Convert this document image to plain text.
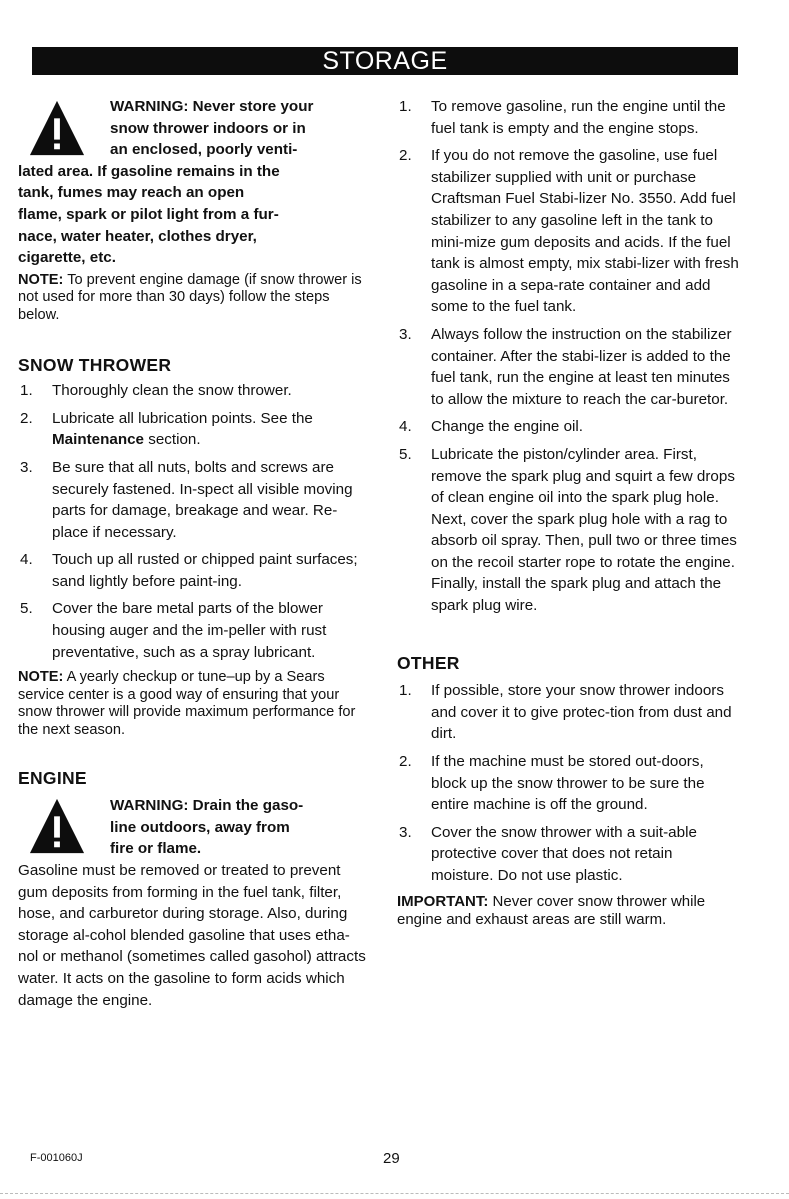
STORAGE

WARNING: Never store your

snow thrower indoors or in

an enclosed, poorly venti-

lated area. If gasoline remains in the

tank, fumes may reach an open

flame, spark or pilot light from a fur-

nace, water heater, clothes dryer,

cigarette, etc.

NOTE: To prevent engine damage (if snow thrower is not used for more than 30 days) follow the steps below.

SNOW THROWER
1. Thoroughly clean the snow thrower.
2. Lubricate all lubrication points. See the Maintenance section.
3. Be sure that all nuts, bolts and screws are securely fastened. In-spect all visible moving parts for damage, breakage and wear. Re-place if necessary.
4. Touch up all rusted or chipped paint surfaces; sand lightly before paint-ing.
5. Cover the bare metal parts of the blower housing auger and the im-peller with rust preventative, such as a spray lubricant.

NOTE: A yearly checkup or tune–up by a Sears service center is a good way of ensuring that your snow thrower will provide maximum performance for the next season.

ENGINE

WARNING: Drain the gaso-

line outdoors, away from

fire or flame.

Gasoline must be removed or treated to prevent gum deposits from forming in the fuel tank, filter, hose, and carburetor during storage. Also, during storage al-cohol blended gasoline that uses etha-nol or methanol (sometimes called gasohol) attracts water. It acts on the gasoline to form acids which damage the engine.

1. To remove gasoline, run the engine until the fuel tank is empty and the engine stops.
2. If you do not remove the gasoline, use fuel stabilizer supplied with unit or purchase Craftsman Fuel Stabi-lizer No. 3550. Add fuel stabilizer to any gasoline left in the tank to mini-mize gum deposits and acids. If the fuel tank is almost empty, mix stabi-lizer with fresh gasoline in a sepa-rate container and add some to the fuel tank.
3. Always follow the instruction on the stabilizer container. After the stabi-lizer is added to the fuel tank, run the engine at least ten minutes to allow the mixture to reach the car-buretor.
4. Change the engine oil.
5. Lubricate the piston/cylinder area. First, remove the spark plug and squirt a few drops of clean engine oil into the spark plug hole. Next, cover the spark plug hole with a rag to absorb oil spray. Then, pull two or three times on the recoil starter rope to rotate the engine. Finally, install the spark plug and attach the spark plug wire.
OTHER
1. If possible, store your snow thrower indoors and cover it to give protec-tion from dust and dirt.
2. If the machine must be stored out-doors, block up the snow thrower to be sure the entire machine is off the ground.
3. Cover the snow thrower with a suit-able protective cover that does not retain moisture. Do not use plastic.

IMPORTANT: Never cover snow thrower while engine and exhaust areas are still warm.

F-001060J	29
